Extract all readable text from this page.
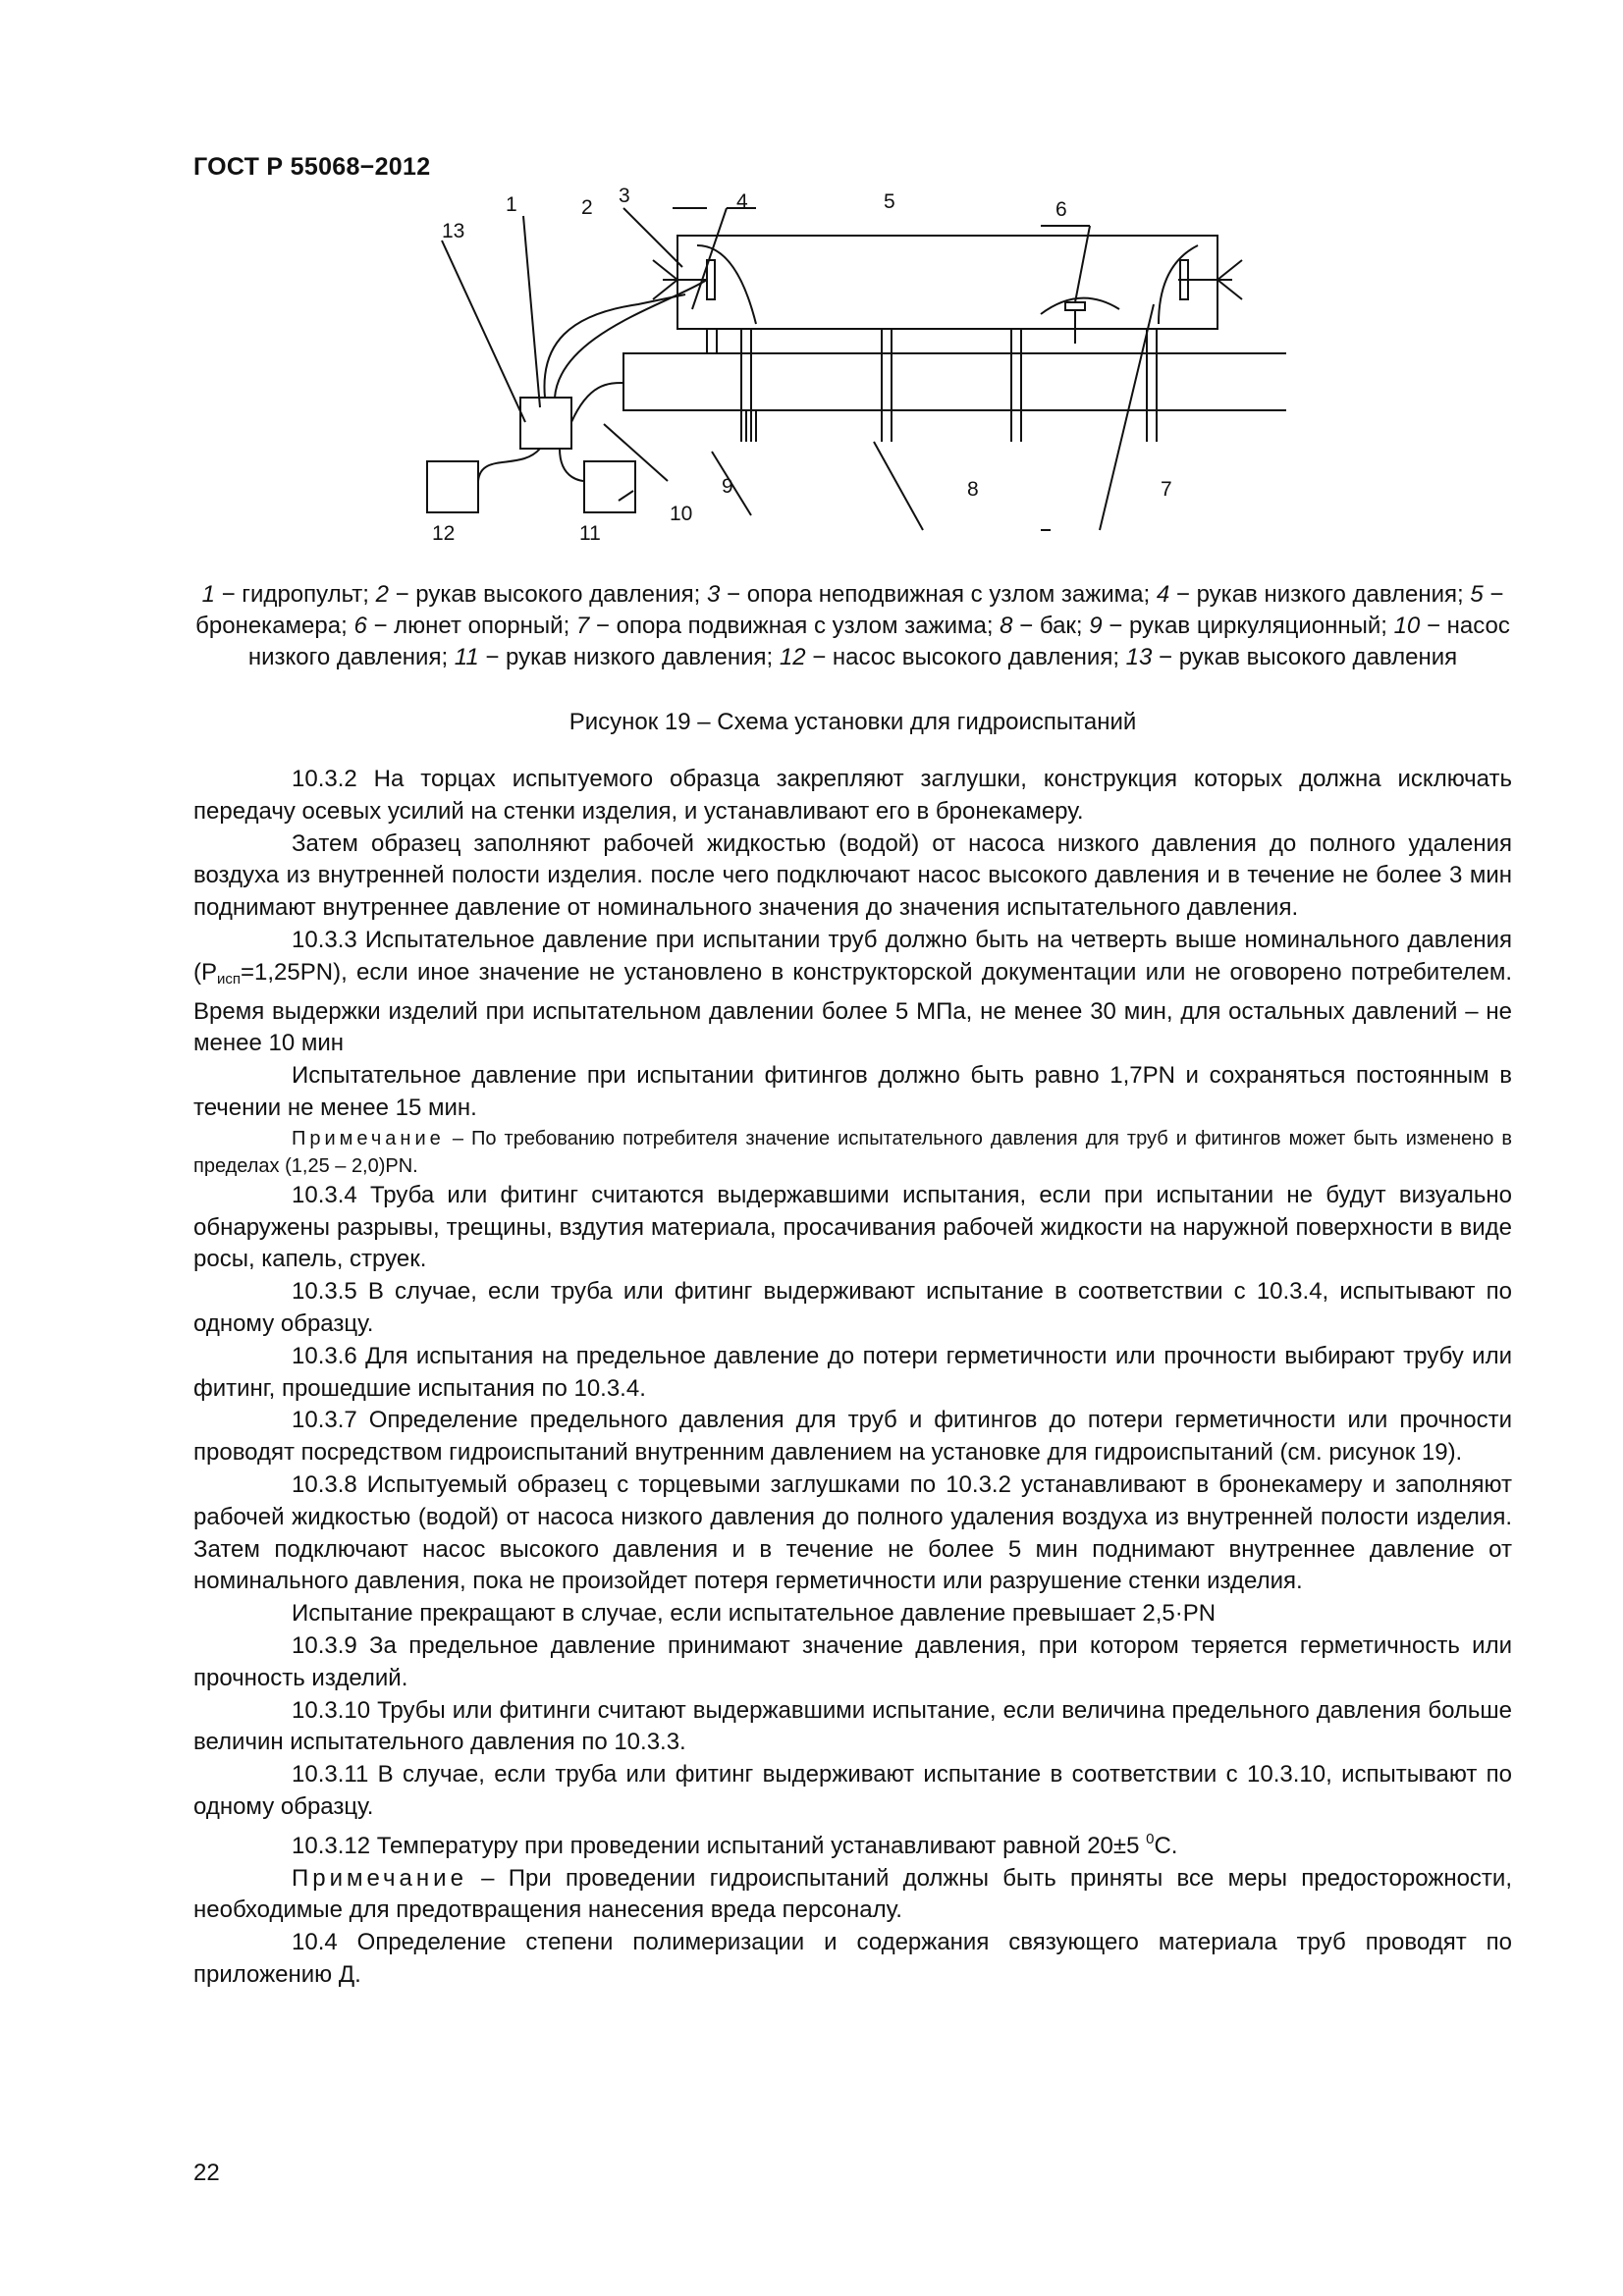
ГОСТ Р 55068−2012
1	2
3	4	5	6
7
8
9
10
11
12
13
1 − гидропульт; 2 − рукав высокого давления; 3 − опора неподвижная с узлом зажима; 4 − рукав низкого давления; 5 − бронекамера; 6 − люнет опорный; 7 − опора подвижная с узлом зажима; 8 − бак; 9 − рукав циркуляционный; 10 − насос низкого давления; 11 − рукав низкого давления; 12 − насос высокого давления; 13 − рукав высокого давления
Рисунок 19 – Схема установки для гидроиспытаний

10.3.2 На торцах испытуемого образца закрепляют заглушки, конструкция которых должна исключать передачу осевых усилий на стенки изделия, и устанавливают его в бронекамеру.

Затем образец заполняют рабочей жидкостью (водой) от насоса низкого давления до полного удаления воздуха из внутренней полости изделия. после чего подключают насос высокого давления и в течение не более 3 мин поднимают внутреннее давление от номинального значения до значения испытательного давления.

10.3.3 Испытательное давление при испытании труб должно быть на четверть выше номинального давления $(Р_{исп}=1,25PN)$, если иное значение не установлено в конструкторской документации или не оговорено потребителем. Время выдержки изделий при испытательном давлении более 5 МПа, не менее 30 мин, для остальных давлений – не менее 10 мин

Испытательное давление при испытании фитингов должно быть равно 1,7PN и сохраняться постоянным в течении не менее 15 мин.

Примечание – По требованию потребителя значение испытательного давления для труб и фитингов может быть изменено в пределах (1,25 – 2,0)PN.

10.3.4 Труба или фитинг считаются выдержавшими испытания, если при испытании не будут визуально обнаружены разрывы, трещины, вздутия материала, просачивания рабочей жидкости на наружной поверхности в виде росы, капель, струек.

10.3.5 В случае, если труба или фитинг выдерживают испытание в соответствии с 10.3.4, испытывают по одному образцу.

10.3.6 Для испытания на предельное давление до потери герметичности или прочности выбирают трубу или фитинг, прошедшие испытания по 10.3.4.

10.3.7 Определение предельного давления для труб и фитингов до потери герметичности или прочности проводят посредством гидроиспытаний внутренним давлением на установке для гидроиспытаний (см. рисунок 19).

10.3.8 Испытуемый образец с торцевыми заглушками по 10.3.2 устанавливают в бронекамеру и заполняют рабочей жидкостью (водой) от насоса низкого давления до полного удаления воздуха из внутренней полости изделия. Затем подключают насос высокого давления и в течение не более 5 мин поднимают внутреннее давление от номинального давления, пока не произойдет потеря герметичности или разрушение стенки изделия.

Испытание прекращают в случае, если испытательное давление превышает 2,5·PN

10.3.9 За предельное давление принимают значение давления, при котором теряется герметичность или прочность изделий.

10.3.10 Трубы или фитинги считают выдержавшими испытание, если величина предельного давления больше величин испытательного давления по 10.3.3.

10.3.11 В случае, если труба или фитинг выдерживают испытание в соответствии с 10.3.10, испытывают по одному образцу.

10.3.12 Температуру при проведении испытаний устанавливают равной 20±5 $^0$С.

Примечание – При проведении гидроиспытаний должны быть приняты все меры предосторожности, необходимые для предотвращения нанесения вреда персоналу.

10.4 Определение степени полимеризации и содержания связующего материала труб проводят по приложению Д.

22
